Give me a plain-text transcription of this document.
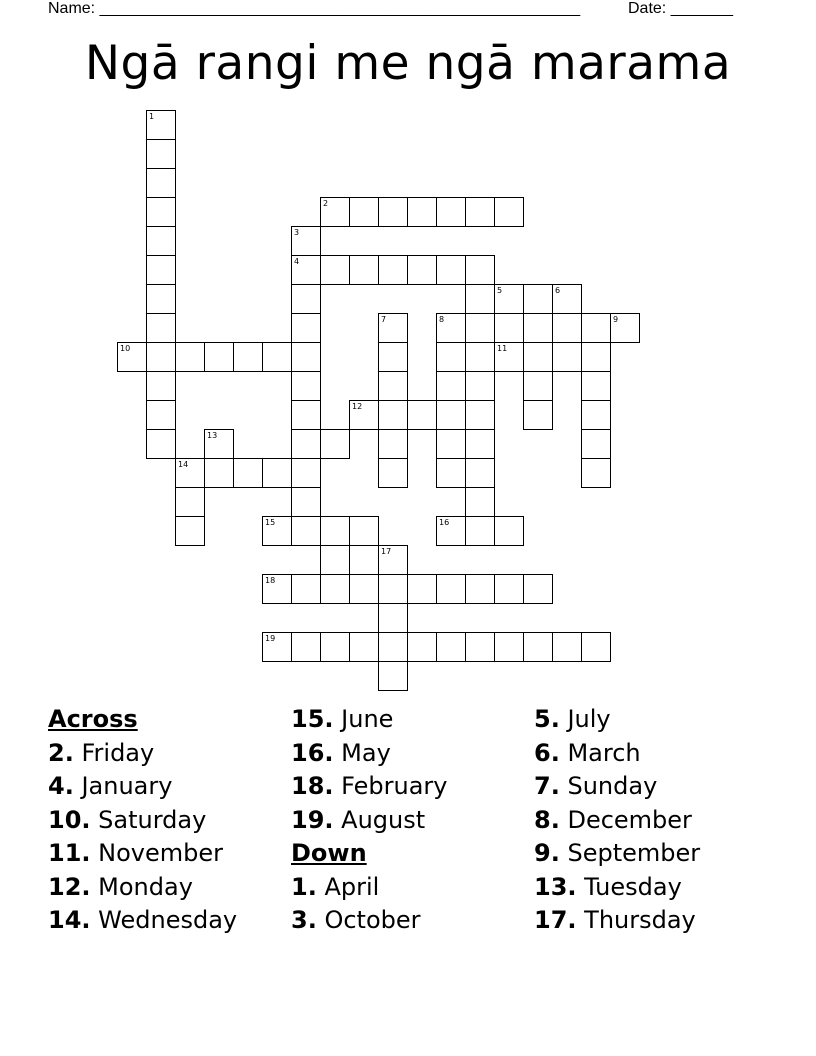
Name: ______________________________________________________	Date: _______
Ngā rangi me ngā marama
1
2
3
4
7	8
10	11
12
14
15	16
17
18
19
5	6
9
13
Across
2. Friday
4. January
10. Saturday
11. November
12. Monday
14. Wednesday
15. June
16. May
18. February
19. August
Down
1. April
3. October
5. July
6. March
7. Sunday
8. December
9. September
13. Tuesday
17. Thursday
